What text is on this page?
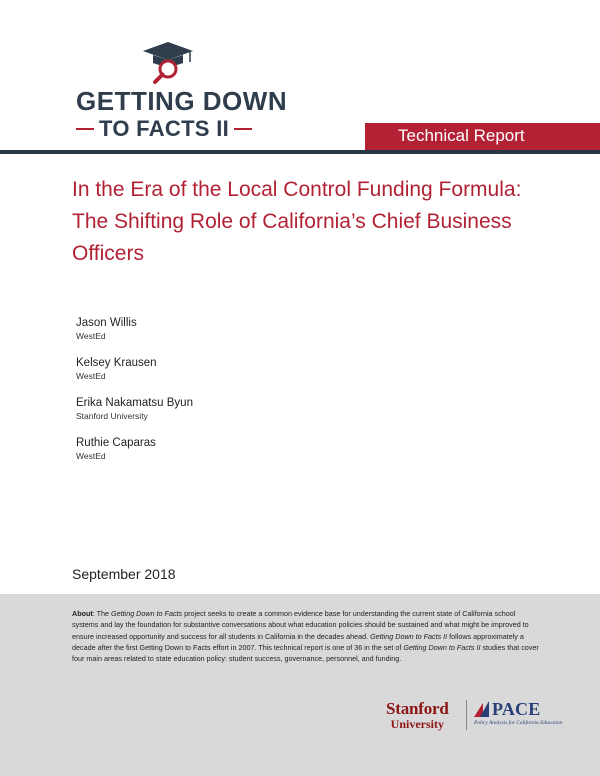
GETTING DOWN
TO FACTS II	Technical Report
In the Era of the Local Control Funding Formula: The Shifting Role of California’s Chief Business Officers
Jason Willis
WestEd
Kelsey Krausen
WestEd
Erika Nakamatsu Byun
Stanford University
Ruthie Caparas
WestEd
September 2018

About: The Getting Down to Facts project seeks to create a common evidence base for understanding the current state of California school systems and lay the foundation for substantive conversations about what education policies should be sustained and what might be improved to ensure increased opportunity and success for all students in California in the decades ahead. Getting Down to Facts II follows approximately a decade after the first Getting Down to Facts effort in 2007. This technical report is one of 36 in the set of Getting Down to Facts II studies that cover four main areas related to state education policy: student success, governance, personnel, and funding.

Stanford
University
PACE
Policy Analysis for California Education
